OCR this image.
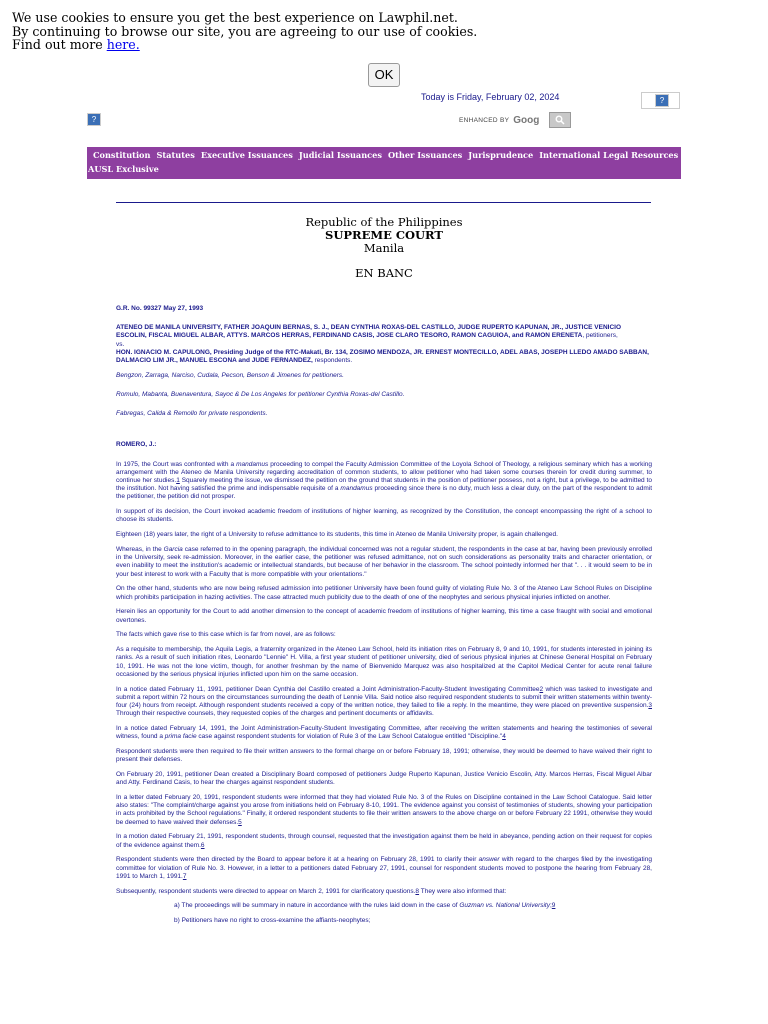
We use cookies to ensure you get the best experience on Lawphil.net.
By continuing to browse our site, you are agreeing to our use of cookies.
Find out more here.
OK
Today is Friday, February 02, 2024	?
?	ENHANCED BY Goog
Constitution Statutes Executive Issuances Judicial Issuances Other Issuances Jurisprudence International Legal Resources
AUSL Exclusive
Republic of the Philippines
SUPREME COURT
Manila
EN BANC

G.R. No. 99327 May 27, 1993

ATENEO DE MANILA UNIVERSITY, FATHER JOAQUIN BERNAS, S. J., DEAN CYNTHIA ROXAS-DEL CASTILLO, JUDGE RUPERTO KAPUNAN, JR., JUSTICE VENICIO ESCOLIN, FISCAL MIGUEL ALBAR, ATTYS. MARCOS HERRAS, FERDINAND CASIS, JOSE CLARO TESORO, RAMON CAGUIOA, and RAMON ERENETA, petitioners,
vs.
HON. IGNACIO M. CAPULONG, Presiding Judge of the RTC-Makati, Br. 134, ZOSIMO MENDOZA, JR. ERNEST MONTECILLO, ADEL ABAS, JOSEPH LLEDO AMADO SABBAN, DALMACIO LIM JR., MANUEL ESCONA and JUDE FERNANDEZ, respondents.

Bengzon, Zarraga, Narciso, Cudala, Pecson, Benson & Jimenes for petitioners.

Romulo, Mabanta, Buenaventura, Sayoc & De Los Angeles for petitioner Cynthia Roxas-del Castillo.

Fabregas, Calida & Remollo for private respondents.

ROMERO, J.:

In 1975, the Court was confronted with a mandamus proceeding to compel the Faculty Admission Committee of the Loyola School of Theology, a religious seminary which has a working arrangement with the Ateneo de Manila University regarding accreditation of common students, to allow petitioner who had taken some courses therein for credit during summer, to continue her studies.1 Squarely meeting the issue, we dismissed the petition on the ground that students in the position of petitioner possess, not a right, but a privilege, to be admitted to the institution. Not having satisfied the prime and indispensable requisite of a mandamus proceeding since there is no duty, much less a clear duty, on the part of the respondent to admit the petitioner, the petition did not prosper.

In support of its decision, the Court invoked academic freedom of institutions of higher learning, as recognized by the Constitution, the concept encompassing the right of a school to choose its students.

Eighteen (18) years later, the right of a University to refuse admittance to its students, this time in Ateneo de Manila University proper, is again challenged.

Whereas, in the Garcia case referred to in the opening paragraph, the individual concerned was not a regular student, the respondents in the case at bar, having been previously enrolled in the University, seek re-admission. Moreover, in the earlier case, the petitioner was refused admittance, not on such considerations as personality traits and character orientation, or even inability to meet the institution's academic or intellectual standards, but because of her behavior in the classroom. The school pointedly informed her that ". . . it would seem to be in your best interest to work with a Faculty that is more compatible with your orientations."

On the other hand, students who are now being refused admission into petitioner University have been found guilty of violating Rule No. 3 of the Ateneo Law School Rules on Discipline which prohibits participation in hazing activities. The case attracted much publicity due to the death of one of the neophytes and serious physical injuries inflicted on another.

Herein lies an opportunity for the Court to add another dimension to the concept of academic freedom of institutions of higher learning, this time a case fraught with social and emotional overtones.

The facts which gave rise to this case which is far from novel, are as follows:

As a requisite to membership, the Aquila Legis, a fraternity organized in the Ateneo Law School, held its initiation rites on February 8, 9 and 10, 1991, for students interested in joining its ranks. As a result of such initiation rites, Leonardo "Lennie" H. Villa, a first year student of petitioner university, died of serious physical injuries at Chinese General Hospital on February 10, 1991. He was not the lone victim, though, for another freshman by the name of Bienvenido Marquez was also hospitalized at the Capitol Medical Center for acute renal failure occasioned by the serious physical injuries inflicted upon him on the same occasion.

In a notice dated February 11, 1991, petitioner Dean Cynthia del Castillo created a Joint Administration-Faculty-Student Investigating Committee2 which was tasked to investigate and submit a report within 72 hours on the circumstances surrounding the death of Lennie Villa. Said notice also required respondent students to submit their written statements within twenty-four (24) hours from receipt. Although respondent students received a copy of the written notice, they failed to file a reply. In the meantime, they were placed on preventive suspension.3 Through their respective counsels, they requested copies of the charges and pertinent documents or affidavits.

In a notice dated February 14, 1991, the Joint Administration-Faculty-Student Investigating Committee, after receiving the written statements and hearing the testimonies of several witness, found a prima facie case against respondent students for violation of Rule 3 of the Law School Catalogue entitled "Discipline."4

Respondent students were then required to file their written answers to the formal charge on or before February 18, 1991; otherwise, they would be deemed to have waived their right to present their defenses.

On February 20, 1991, petitioner Dean created a Disciplinary Board composed of petitioners Judge Ruperto Kapunan, Justice Venicio Escolin, Atty. Marcos Herras, Fiscal Miguel Albar and Atty. Ferdinand Casis, to hear the charges against respondent students.

In a letter dated February 20, 1991, respondent students were informed that they had violated Rule No. 3 of the Rules on Discipline contained in the Law School Catalogue. Said letter also states: "The complaint/charge against you arose from initiations held on February 8-10, 1991. The evidence against you consist of testimonies of students, showing your participation in acts prohibited by the School regulations." Finally, it ordered respondent students to file their written answers to the above charge on or before February 22 1991, otherwise they would be deemed to have waived their defenses.5

In a motion dated February 21, 1991, respondent students, through counsel, requested that the investigation against them be held in abeyance, pending action on their request for copies of the evidence against them.6

Respondent students were then directed by the Board to appear before it at a hearing on February 28, 1991 to clarify their answer with regard to the charges filed by the investigating committee for violation of Rule No. 3. However, in a letter to a petitioners dated February 27, 1991, counsel for respondent students moved to postpone the hearing from February 28, 1991 to March 1, 1991.7

Subsequently, respondent students were directed to appear on March 2, 1991 for clarificatory questions.8 They were also informed that:

a) The proceedings will be summary in nature in accordance with the rules laid down in the case of Guzman vs. National University;9

b) Petitioners have no right to cross-examine the affiants-neophytes;
